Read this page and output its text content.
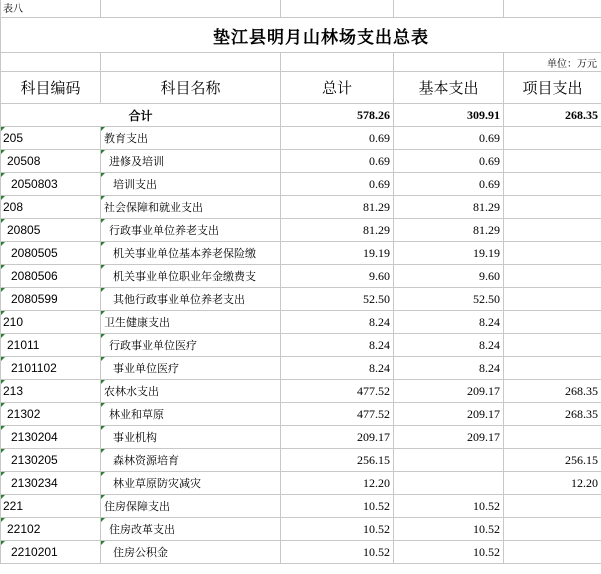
表八				
垫江县明月山林场支出总表				
				单位：万元
科目编码	科目名称	总计	基本支出	项目支出
合计		578.26	309.91	268.35
205	教育支出	0.69	0.69	
20508	进修及培训	0.69	0.69	
2050803	培训支出	0.69	0.69	
208	社会保障和就业支出	81.29	81.29	
20805	行政事业单位养老支出	81.29	81.29	
2080505	机关事业单位基本养老保险缴	19.19	19.19	
2080506	机关事业单位职业年金缴费支	9.60	9.60	
2080599	其他行政事业单位养老支出	52.50	52.50	
210	卫生健康支出	8.24	8.24	
21011	行政事业单位医疗	8.24	8.24	
2101102	事业单位医疗	8.24	8.24	
213	农林水支出	477.52	209.17	268.35
21302	林业和草原	477.52	209.17	268.35
2130204	事业机构	209.17	209.17	
2130205	森林资源培育	256.15		256.15
2130234	林业草原防灾减灾	12.20		12.20
221	住房保障支出	10.52	10.52	
22102	住房改革支出	10.52	10.52	
2210201	住房公积金	10.52	10.52	
